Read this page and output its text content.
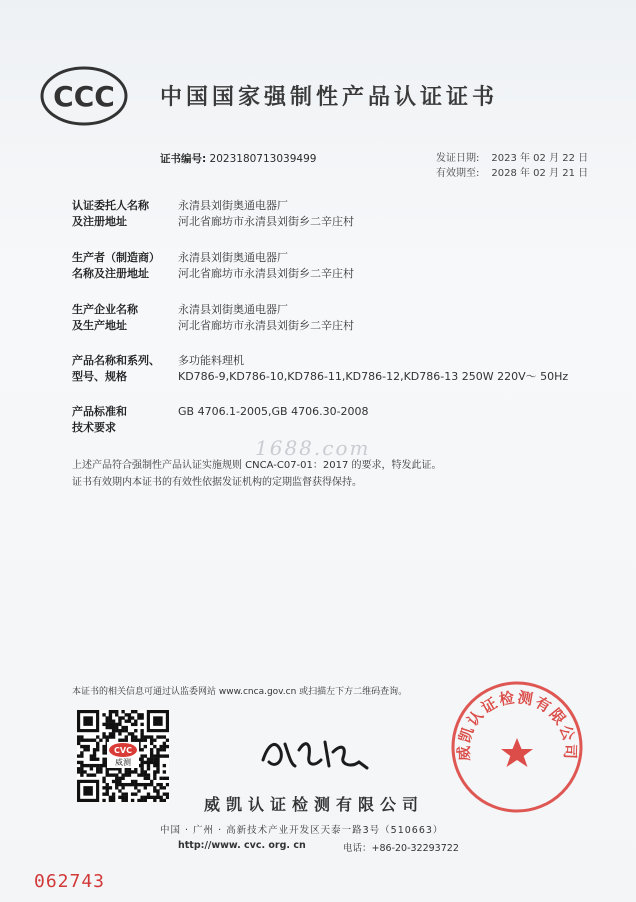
CCC 中国国家强制性产品认证证书
证书编号: 2023180713039499	发证日期: 2023 年 02 月 22 日
有效期至: 2028 年 02 月 21 日
认证委托人名称
及注册地址
永清县刘街奥通电器厂
河北省廊坊市永清县刘街乡二辛庄村
生产者（制造商）
名称及注册地址
永清县刘街奥通电器厂
河北省廊坊市永清县刘街乡二辛庄村
生产企业名称
及生产地址
永清县刘街奥通电器厂
河北省廊坊市永清县刘街乡二辛庄村
产品名称和系列、
型号、规格
多功能料理机
KD786-9,KD786-10,KD786-11,KD786-12,KD786-13 250W 220V～ 50Hz
产品标准和
技术要求
GB 4706.1-2005,GB 4706.30-2008
1688.com
上述产品符合强制性产品认证实施规则 CNCA-C07-01：2017 的要求，特发此证。
证书有效期内本证书的有效性依据发证机构的定期监督获得保持。
本证书的相关信息可通过认监委网站 www.cnca.gov.cn 或扫描左下方二维码查询。
CVC
威测
威凯认证检测有限公司
威凯认证检测有限公司
中国 · 广州 · 高新技术产业开发区天泰一路3号（510663）
http://www. cvc. org. cn	电话：+86-20-32293722
062743
